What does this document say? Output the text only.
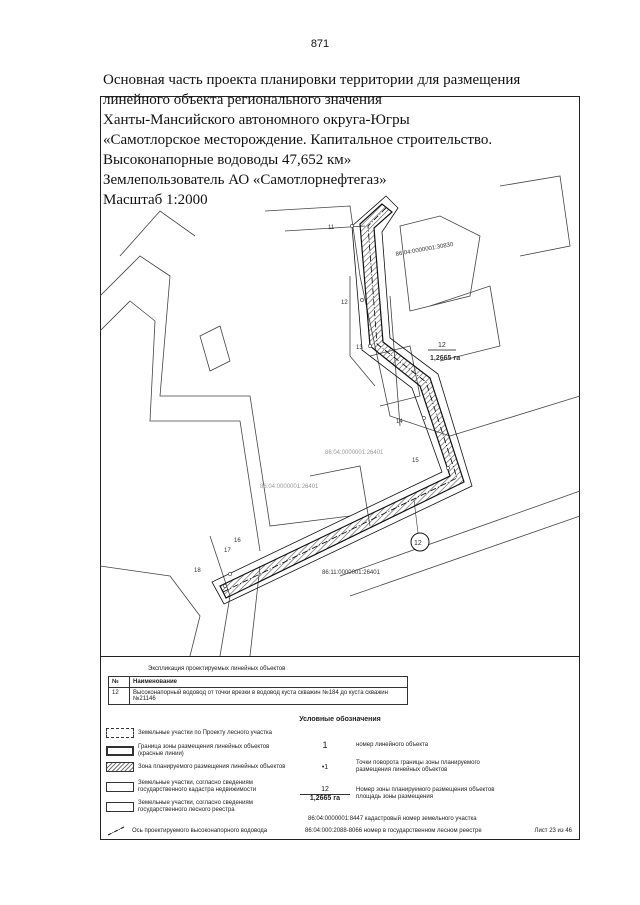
871
Основная часть проекта планировки территории для размещения
линейного объекта регионального значения
Ханты-Мансийского автономного округа-Югры
«Самотлорское месторождение. Капитальное строительство.
Высоконапорные водоводы 47,652 км»
Землепользователь АО «Самотлорнефтегаз»
Масштаб 1:2000
11
12
13
14
15
16
17
18
86:04:0000001:30830
86:11:0000001:26401
86:04:0000001:26401
86:04:0000001:26401
12
1,2665 га
12
Экспликация проектируемых линейных объектов
№	Наименование
12	Высоконапорный водовод от точки врезки в водовод куста скважин №184 до куста скважин №21146
Условные обозначения
Земельные участки по Проекту лесного участка
Граница зоны размещения линейных объектов (красные линии)
Зона планируемого размещения линейных объектов
Земельные участки, согласно сведениям государственного кадастра недвижимости
Земельные участки, согласно сведениям государственного лесного реестра
1	номер линейного объекта
•1
Точки поворота границы зоны планируемого размещения линейных объектов
12
1,2665 га
Номер зоны планируемого размещения объектов площадь зоны размещения
86:04:0000001:8447 кадастровый номер земельного участка
Ось проектируемого высоконапорного водовода	86:04:000:2088-8066 номер в государственном лесном реестре	Лист 23 из 46
